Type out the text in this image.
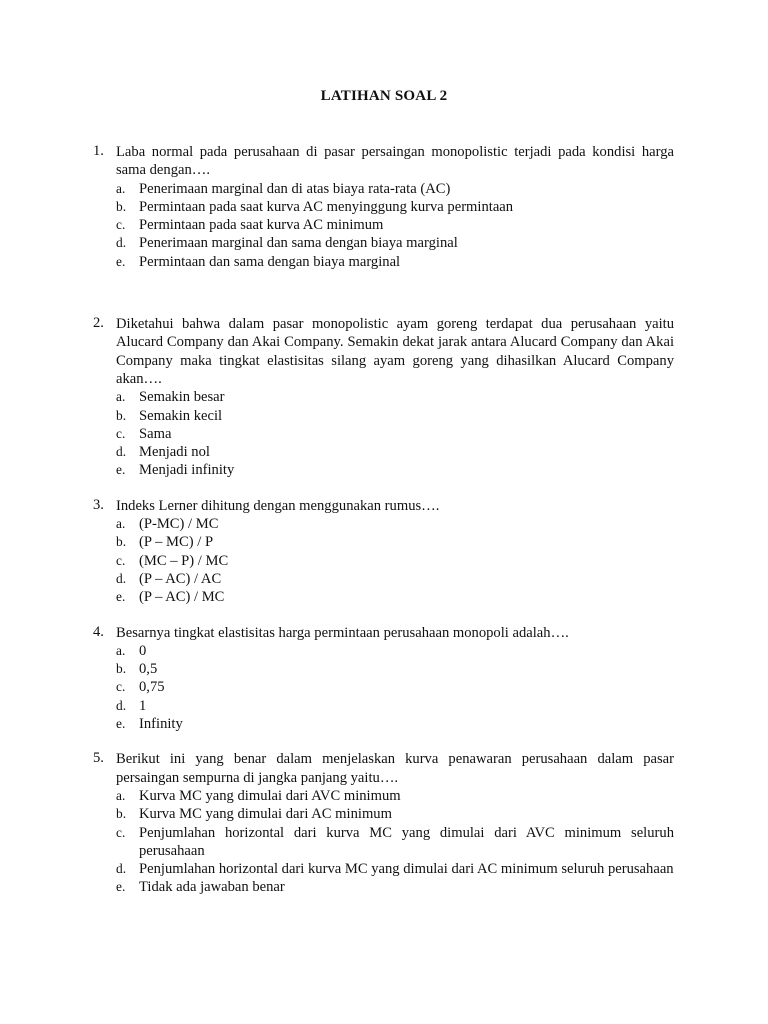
LATIHAN SOAL 2
1. Laba normal pada perusahaan di pasar persaingan monopolistic terjadi pada kondisi harga sama dengan….
a. Penerimaan marginal dan di atas biaya rata-rata (AC)
b. Permintaan pada saat kurva AC menyinggung kurva permintaan
c. Permintaan pada saat kurva AC minimum
d. Penerimaan marginal dan sama dengan biaya marginal
e. Permintaan dan sama dengan biaya marginal
2. Diketahui bahwa dalam pasar monopolistic ayam goreng terdapat dua perusahaan yaitu Alucard Company dan Akai Company. Semakin dekat jarak antara Alucard Company dan Akai Company maka tingkat elastisitas silang ayam goreng yang dihasilkan Alucard Company akan….
a. Semakin besar
b. Semakin kecil
c. Sama
d. Menjadi nol
e. Menjadi infinity
3. Indeks Lerner dihitung dengan menggunakan rumus….
a. (P-MC) / MC
b. (P – MC) / P
c. (MC – P) / MC
d. (P – AC) / AC
e. (P – AC) / MC
4. Besarnya tingkat elastisitas harga permintaan perusahaan monopoli adalah….
a. 0
b. 0,5
c. 0,75
d. 1
e. Infinity
5. Berikut ini yang benar dalam menjelaskan kurva penawaran perusahaan dalam pasar persaingan sempurna di jangka panjang yaitu….
a. Kurva MC yang dimulai dari AVC minimum
b. Kurva MC yang dimulai dari AC minimum
c. Penjumlahan horizontal dari kurva MC yang dimulai dari AVC minimum seluruh perusahaan
d. Penjumlahan horizontal dari kurva MC yang dimulai dari AC minimum seluruh perusahaan
e. Tidak ada jawaban benar
